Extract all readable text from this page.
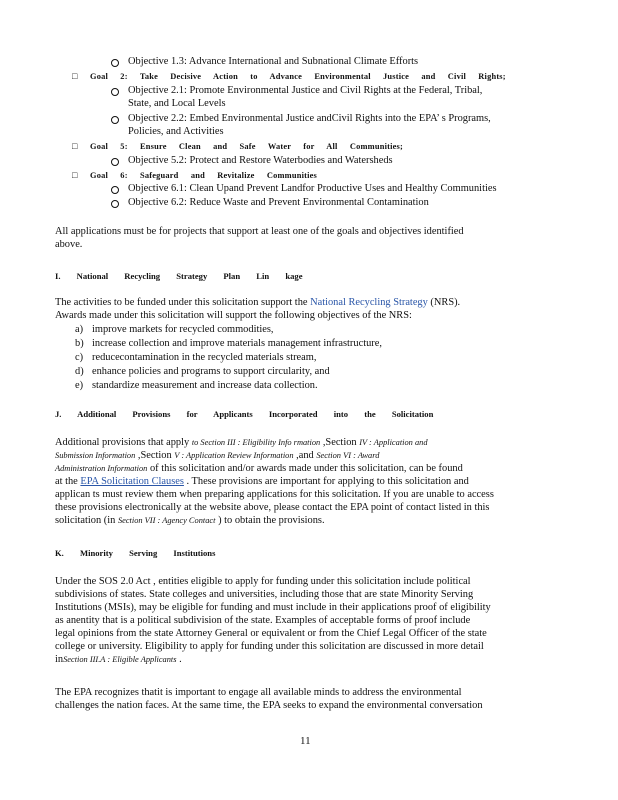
Objective 1.3: Advance International and Subnational Climate Efforts
□ Goal 2: Take Decisive Action to Advance Environmental Justice and Civil Rights;
Objective 2.1: Promote Environmental Justice and Civil Rights at the Federal, Tribal,
State, and Local Levels
Objective 2.2: Embed Environmental Justice andCivil Rights into the EPA’ s Programs,
Policies, and Activities
□ Goal 5: Ensure Clean and Safe Water for All Communities;
Objective 5.2: Protect and Restore Waterbodies and Watersheds
□ Goal 6: Safeguard and Revitalize Communities
Objective 6.1: Clean Upand Prevent Landfor Productive Uses and Healthy Communities
Objective 6.2: Reduce Waste and Prevent Environmental Contamination
All applications must be for projects that support at least one of the goals and objectives identified
above.
I. National Recycling Strategy Plan Lin kage
The activities to be funded under this solicitation support the National Recycling Strategy (NRS).
Awards made under this solicitation will support the following objectives of the NRS:
a) improve markets for recycled commodities,
b) increase collection and improve materials management infrastructure,
c) reducecontamination in the recycled materials stream,
d) enhance policies and programs to support circularity, and
e) standardize measurement and increase data collection.
J. Additional Provisions for Applicants Incorporated into the Solicitation
Additional provisions that apply to Section III : Eligibility Info rmation ,Section IV : Application and
Submission Information ,Section V : Application Review Information ,and Section VI : Award
Administration Information of this solicitation and/or awards made under this solicitation, can be found
at the EPA Solicitation Clauses . These provisions are important for applying to this solicitation and
applican ts must review them when preparing applications for this solicitation. If you are unable to access
these provisions electronically at the website above, please contact the EPA point of contact listed in this
solicitation (in Section VII : Agency Contact ) to obtain the provisions.
K. Minority Serving Institutions
Under the SOS 2.0 Act , entities eligible to apply for funding under this solicitation include political
subdivisions of states. State colleges and universities, including those that are state Minority Serving
Institutions (MSIs), may be eligible for funding and must include in their applications proof of eligibility
as anentity that is a political subdivision of the state. Examples of acceptable forms of proof include
legal opinions from the state Attorney General or equivalent or from the Chief Legal Officer of the state
college or university. Eligibility to apply for funding under this solicitation are discussed in more detail
inSection III.A : Eligible Applicants .
The EPA recognizes thatit is important to engage all available minds to address the environmental
challenges the nation faces. At the same time, the EPA seeks to expand the environmental conversation
11
